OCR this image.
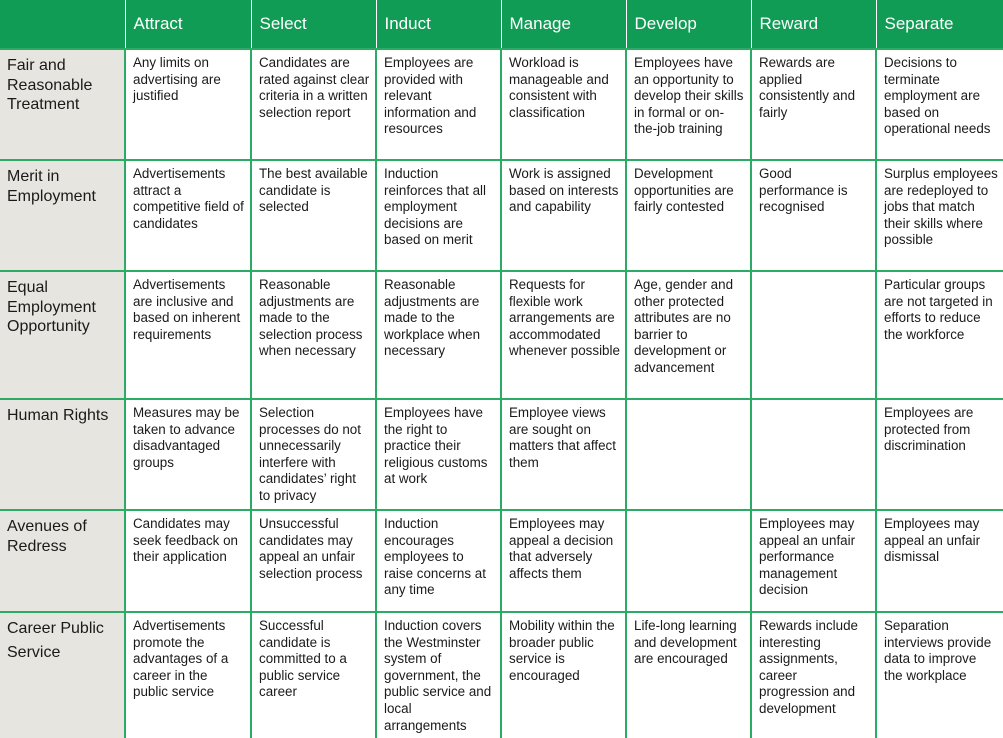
	Attract	Select	Induct	Manage	Develop	Reward	Separate
Fair and Reasonable Treatment	Any limits on advertising are justified	Candidates are rated against clear criteria in a written selection report	Employees are provided with relevant information and resources	Workload is manageable and consistent with classification	Employees have an opportunity to develop their skills in formal or on-the-job training	Rewards are applied consistently and fairly	Decisions to terminate employment are based on operational needs
Merit in Employment	Advertisements attract a competitive field of candidates	The best available candidate is selected	Induction reinforces that all employment decisions are based on merit	Work is assigned based on interests and capability	Development opportunities are fairly contested	Good performance is recognised	Surplus employees are redeployed to jobs that match their skills where possible
Equal Employment Opportunity	Advertisements are inclusive and based on inherent requirements	Reasonable adjustments are made to the selection process when necessary	Reasonable adjustments are made to the workplace when necessary	Requests for flexible work arrangements are accommodated whenever possible	Age, gender and other protected attributes are no barrier to development or advancement		Particular groups are not targeted in efforts to reduce the workforce
Human Rights	Measures may be taken to advance disadvantaged groups	Selection processes do not unnecessarily interfere with candidates’ right to privacy	Employees have the right to practice their religious customs at work	Employee views are sought on matters that affect them			Employees are protected from discrimination
Avenues of Redress	Candidates may seek feedback on their application	Unsuccessful candidates may appeal an unfair selection process	Induction encourages employees to raise concerns at any time	Employees may appeal a decision that adversely affects them		Employees may appeal an unfair performance management decision	Employees may appeal an unfair dismissal
Career Public Service	Advertisements promote the advantages of a career in the public service	Successful candidate is committed to a public service career	Induction covers the Westminster system of government, the public service and local arrangements	Mobility within the broader public service is encouraged	Life-long learning and development are encouraged	Rewards include interesting assignments, career progression and development	Separation interviews provide data to improve the workplace
